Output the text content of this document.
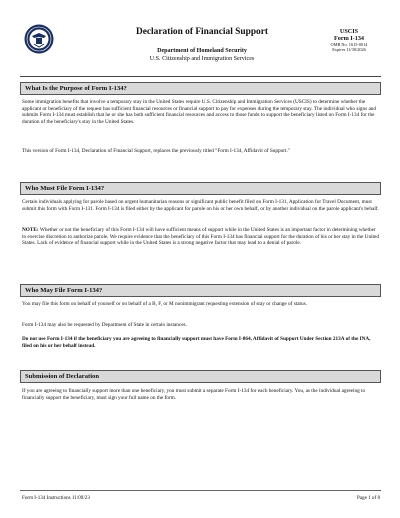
Declaration of Financial Support
Department of Homeland Security
U.S. Citizenship and Immigration Services
USCIS
Form I-134
OMB No. 1615-0014
Expires 11/30/2026
What Is the Purpose of Form I-134?
Some immigration benefits that involve a temporary stay in the United States require U.S. Citizenship and Immigration Services (USCIS) to determine whether the applicant or beneficiary of the request has sufficient financial resources or financial support to pay for expenses during the temporary stay. The individual who signs and submits Form I-134 must establish that he or she has both sufficient financial resources and access to those funds to support the beneficiary listed on Form I-134 for the duration of the beneficiary's stay in the United States.
This version of Form I-134, Declaration of Financial Support, replaces the previously titled "Form I-134, Affidavit of Support."
Who Must File Form I-134?
Certain individuals applying for parole based on urgent humanitarian reasons or significant public benefit filed on Form I-131, Application for Travel Document, must submit this form with Form I-131. Form I-134 is filed either by the applicant for parole on his or her own behalf, or by another individual on the parole applicant's behalf.
NOTE: Whether or not the beneficiary of this Form I-134 will have sufficient means of support while in the United States is an important factor in determining whether to exercise discretion to authorize parole. We require evidence that the beneficiary of this Form I-134 has financial support for the duration of his or her stay in the United States. Lack of evidence of financial support while in the United States is a strong negative factor that may lead to a denial of parole.
Who May File Form I-134?
You may file this form on behalf of yourself or on behalf of a B, F, or M nonimmigrant requesting extension of stay or change of status.
Form I-134 may also be requested by Department of State in certain instances.
Do not use Form I-134 if the beneficiary you are agreeing to financially support must have Form I-864, Affidavit of Support Under Section 213A of the INA, filed on his or her behalf instead.
Submission of Declaration
If you are agreeing to financially support more than one beneficiary, you must submit a separate Form I-134 for each beneficiary. You, as the individual agreeing to financially support the beneficiary, must sign your full name on the form.
Form I-134 Instructions 11/09/23	Page 1 of 8
